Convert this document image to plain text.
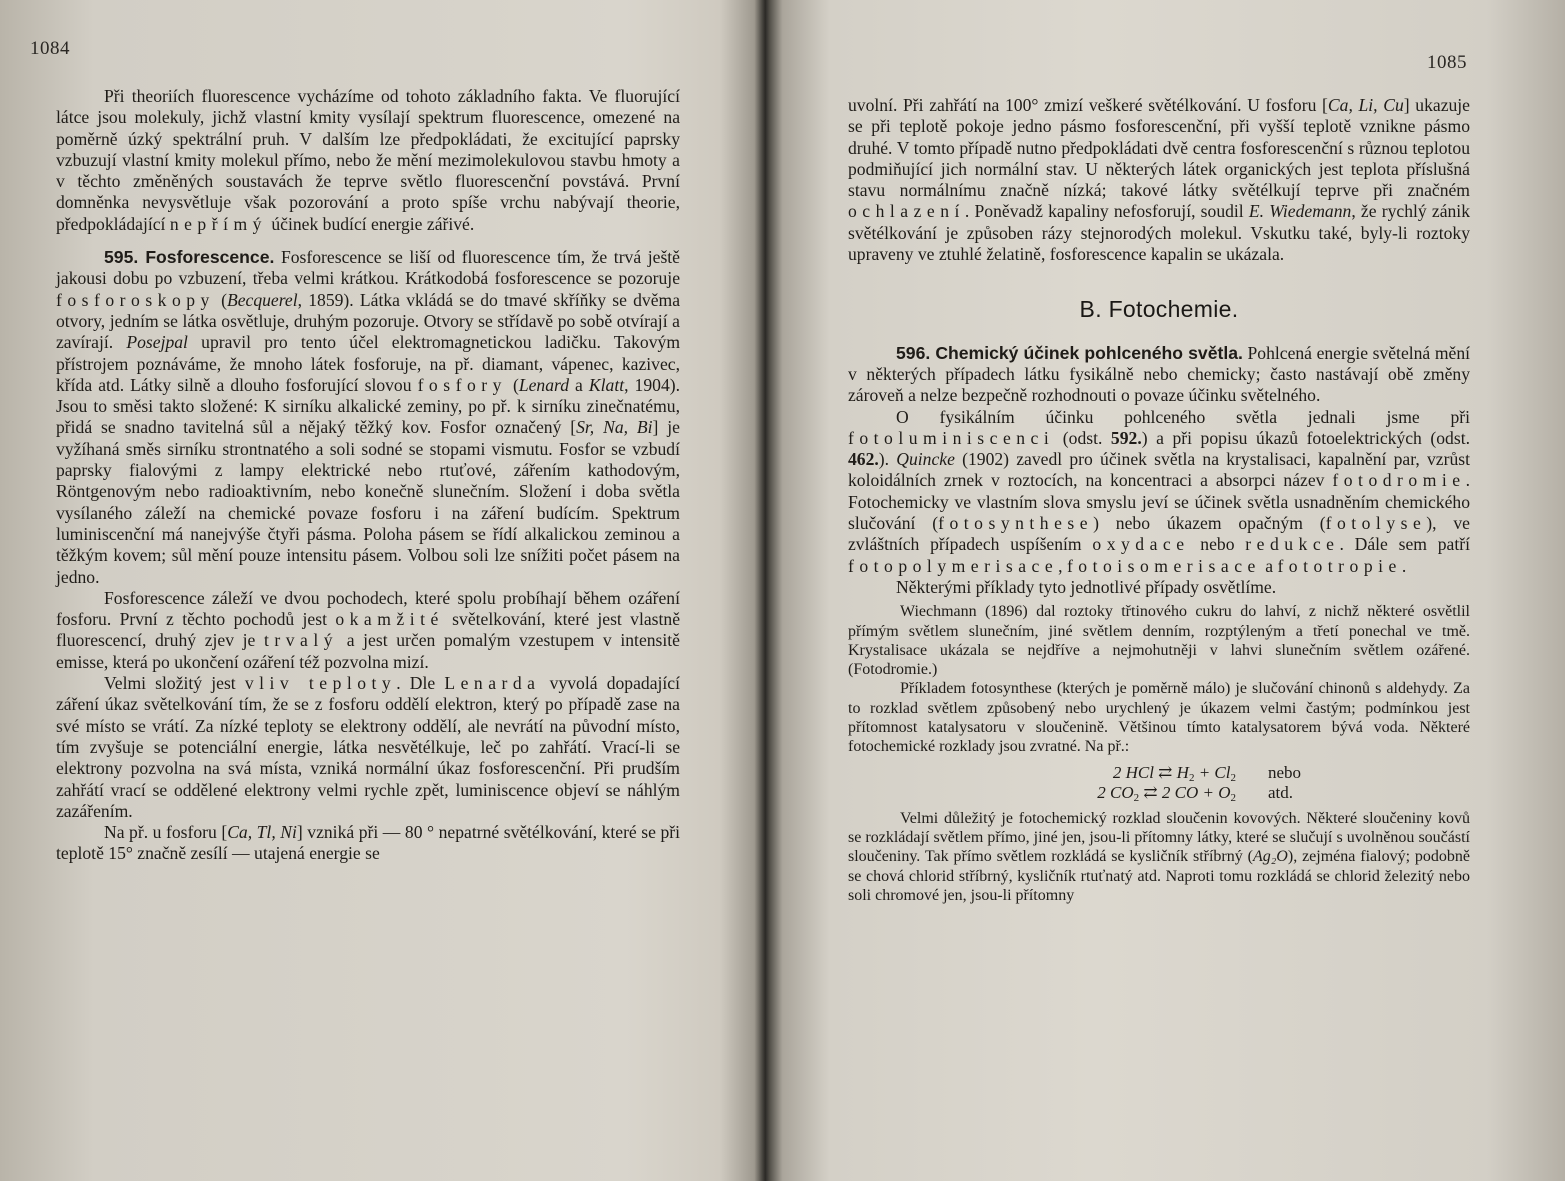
1084

Při theoriích fluorescence vycházíme od tohoto základního fakta. Ve fluorující látce jsou molekuly, jichž vlastní kmity vysílají spektrum fluorescence, omezené na poměrně úzký spektrální pruh. V dalším lze předpokládati, že excitující paprsky vzbuzují vlastní kmity molekul přímo, nebo že mění mezimolekulovou stavbu hmoty a v těchto změněných soustavách že teprve světlo fluorescenční povstává. První domněnka nevysvětluje však pozorování a proto spíše vrchu nabývají theorie, předpokládající nepřímý účinek budící energie zářivé.

595. Fosforescence. Fosforescence se liší od fluorescence tím, že trvá ještě jakousi dobu po vzbuzení, třeba velmi krátkou. Krátkodobá fosforescence se pozoruje fosforoskopy (Becquerel, 1859). Látka vkládá se do tmavé skříňky se dvěma otvory, jedním se látka osvětluje, druhým pozoruje. Otvory se střídavě po sobě otvírají a zavírají. Posejpal upravil pro tento účel elektromagnetickou ladičku. Takovým přístrojem poznáváme, že mnoho látek fosforuje, na př. diamant, vápenec, kazivec, křída atd. Látky silně a dlouho fosforující slovou fosfory (Lenard a Klatt, 1904). Jsou to směsi takto složené: K sirníku alkalické zeminy, po př. k sirníku zinečnatému, přidá se snadno tavitelná sůl a nějaký těžký kov. Fosfor označený [Sr, Na, Bi] je vyžíhaná směs sirníku strontnatého a soli sodné se stopami vismutu. Fosfor se vzbudí paprsky fialovými z lampy elektrické nebo rtuťové, zářením kathodovým, Röntgenovým nebo radioaktivním, nebo konečně slunečním. Složení i doba světla vysílaného záleží na chemické povaze fosforu i na záření budícím. Spektrum luminiscenční má nanejvýše čtyři pásma. Poloha pásem se řídí alkalickou zeminou a těžkým kovem; sůl mění pouze intensitu pásem. Volbou soli lze snížiti počet pásem na jedno.

Fosforescence záleží ve dvou pochodech, které spolu probíhají během ozáření fosforu. První z těchto pochodů jest okamžité světelkování, které jest vlastně fluorescencí, druhý zjev je trvalý a jest určen pomalým vzestupem v intensitě emisse, která po ukončení ozáření též pozvolna mizí.

Velmi složitý jest vliv teploty. Dle Lenarda vyvolá dopadající záření úkaz světelkování tím, že se z fosforu oddělí elektron, který po případě zase na své místo se vrátí. Za nízké teploty se elektrony oddělí, ale nevrátí na původní místo, tím zvyšuje se potenciální energie, látka nesvětélkuje, leč po zahřátí. Vrací-li se elektrony pozvolna na svá místa, vzniká normální úkaz fosforescenční. Při prudším zahřátí vrací se oddělené elektrony velmi rychle zpět, luminiscence objeví se náhlým zazářením.

Na př. u fosforu [Ca, Tl, Ni] vzniká při — 80 ° nepatrné světélkování, které se při teplotě 15° značně zesílí — utajená energie se

1085

uvolní. Při zahřátí na 100° zmizí veškeré světélkování. U fosforu [Ca, Li, Cu] ukazuje se při teplotě pokoje jedno pásmo fosforescenční, při vyšší teplotě vznikne pásmo druhé. V tomto případě nutno předpokládati dvě centra fosforescenční s různou teplotou podmiňující jich normální stav. U některých látek organických jest teplota příslušná stavu normálnímu značně nízká; takové látky světélkují teprve při značném ochlazení. Poněvadž kapaliny nefosforují, soudil E. Wiedemann, že rychlý zánik světélkování je způsoben rázy stejnorodých molekul. Vskutku také, byly-li roztoky upraveny ve ztuhlé želatině, fosforescence kapalin se ukázala.

B. Fotochemie.

596. Chemický účinek pohlceného světla. Pohlcená energie světelná mění v některých případech látku fysikálně nebo chemicky; často nastávají obě změny zároveň a nelze bezpečně rozhodnouti o povaze účinku světelného.

O fysikálním účinku pohlceného světla jednali jsme při fotoluminiscenci (odst. 592.) a při popisu úkazů fotoelektrických (odst. 462.). Quincke (1902) zavedl pro účinek světla na krystalisaci, kapalnění par, vzrůst koloidálních zrnek v roztocích, na koncentraci a absorpci název fotodromie. Fotochemicky ve vlastním slova smyslu jeví se účinek světla usnadněním chemického slučování (fotosynthese) nebo úkazem opačným (fotolyse), ve zvláštních případech uspíšením oxydace nebo redukce. Dále sem patří fotopolymerisace, fotoisomerisace a fototropie.

Některými příklady tyto jednotlivé případy osvětlíme.

Wiechmann (1896) dal roztoky třtinového cukru do lahví, z nichž některé osvětlil přímým světlem slunečním, jiné světlem denním, rozptýleným a třetí ponechal ve tmě. Krystalisace ukázala se nejdříve a nejmohutněji v lahvi slunečním světlem ozářené. (Fotodromie.)

Příkladem fotosynthese (kterých je poměrně málo) je slučování chinonů s aldehydy. Za to rozklad světlem způsobený nebo urychlený je úkazem velmi častým; podmínkou jest přítomnost katalysatoru v sloučenině. Většinou tímto katalysatorem bývá voda. Některé fotochemické rozklady jsou zvratné. Na př.:

2 HCl ⇄ $H_2 + Cl_2$	nebo
2 $CO_2$ ⇄ 2 CO + $O_2$	atd.

Velmi důležitý je fotochemický rozklad sloučenin kovových. Některé sloučeniny kovů se rozkládají světlem přímo, jiné jen, jsou-li přítomny látky, které se slučují s uvolněnou součástí sloučeniny. Tak přímo světlem rozkládá se kysličník stříbrný (Ag₂O), zejména fialový; podobně se chová chlorid stříbrný, kysličník rtuťnatý atd. Naproti tomu rozkládá se chlorid železitý nebo soli chromové jen, jsou-li přítomny
